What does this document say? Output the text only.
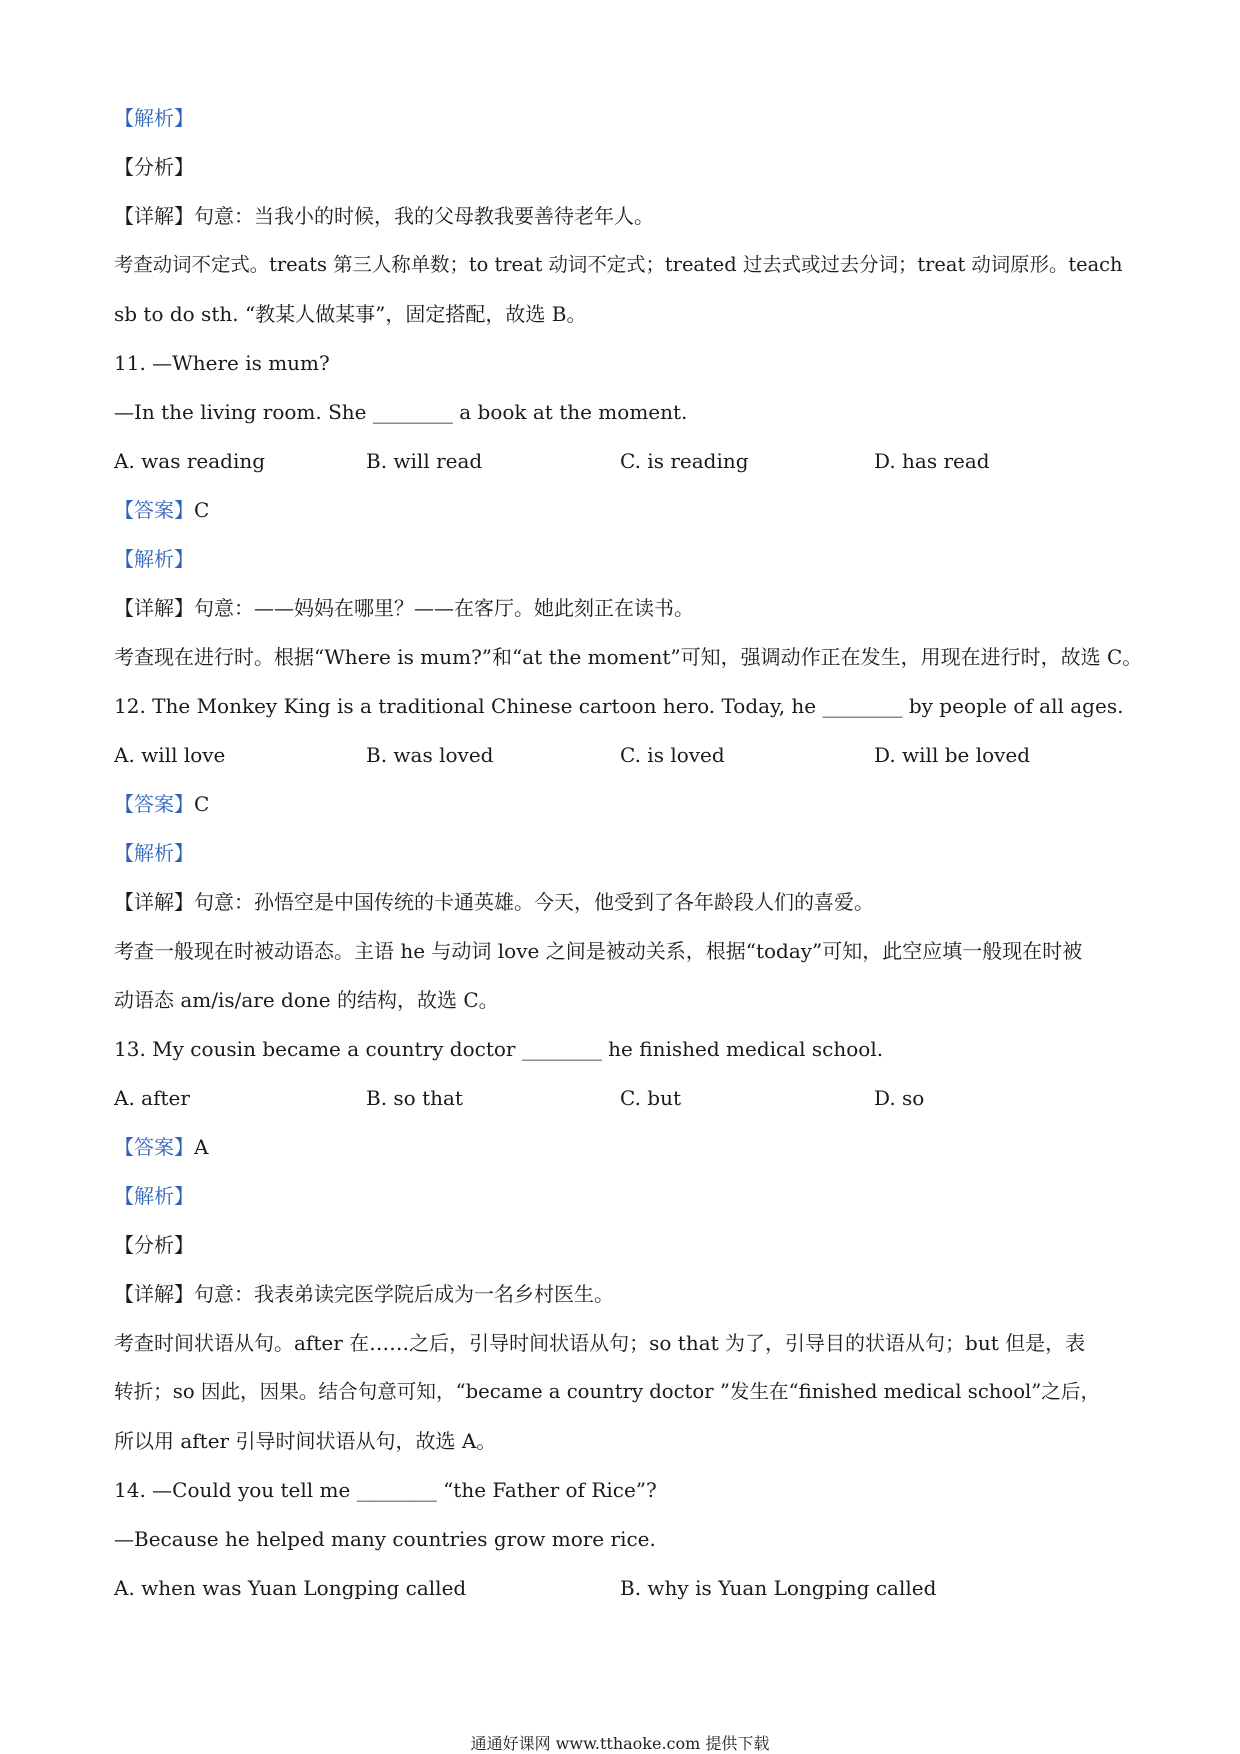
【解析】
【分析】
【详解】句意：当我小的时候，我的父母教我要善待老年人。
考查动词不定式。treats 第三人称单数；to treat 动词不定式；treated 过去式或过去分词；treat 动词原形。teach
sb to do sth. “教某人做某事”，固定搭配，故选 B。
11. —Where is mum?
—In the living room. She ________ a book at the moment.
A. was reading	B. will read	C. is reading	D. has read
【答案】C
【解析】
【详解】句意：——妈妈在哪里？——在客厅。她此刻正在读书。
考查现在进行时。根据“Where is mum?”和“at the moment”可知，强调动作正在发生，用现在进行时，故选 C。
12. The Monkey King is a traditional Chinese cartoon hero. Today, he ________ by people of all ages.
A. will love	B. was loved	C. is loved	D. will be loved
【答案】C
【解析】
【详解】句意：孙悟空是中国传统的卡通英雄。今天，他受到了各年龄段人们的喜爱。
考查一般现在时被动语态。主语 he 与动词 love 之间是被动关系，根据“today”可知，此空应填一般现在时被
动语态 am/is/are done 的结构，故选 C。
13. My cousin became a country doctor ________ he finished medical school.
A. after	B. so that	C. but	D. so
【答案】A
【解析】
【分析】
【详解】句意：我表弟读完医学院后成为一名乡村医生。
考查时间状语从句。after 在……之后，引导时间状语从句；so that 为了，引导目的状语从句；but 但是，表
转折；so 因此，因果。结合句意可知，“became a country doctor ”发生在“finished medical school”之后，
所以用 after 引导时间状语从句，故选 A。
14. —Could you tell me ________ “the Father of Rice”?
—Because he helped many countries grow more rice.
A. when was Yuan Longping called	B. why is Yuan Longping called
通通好课网 www.tthaoke.com 提供下载
